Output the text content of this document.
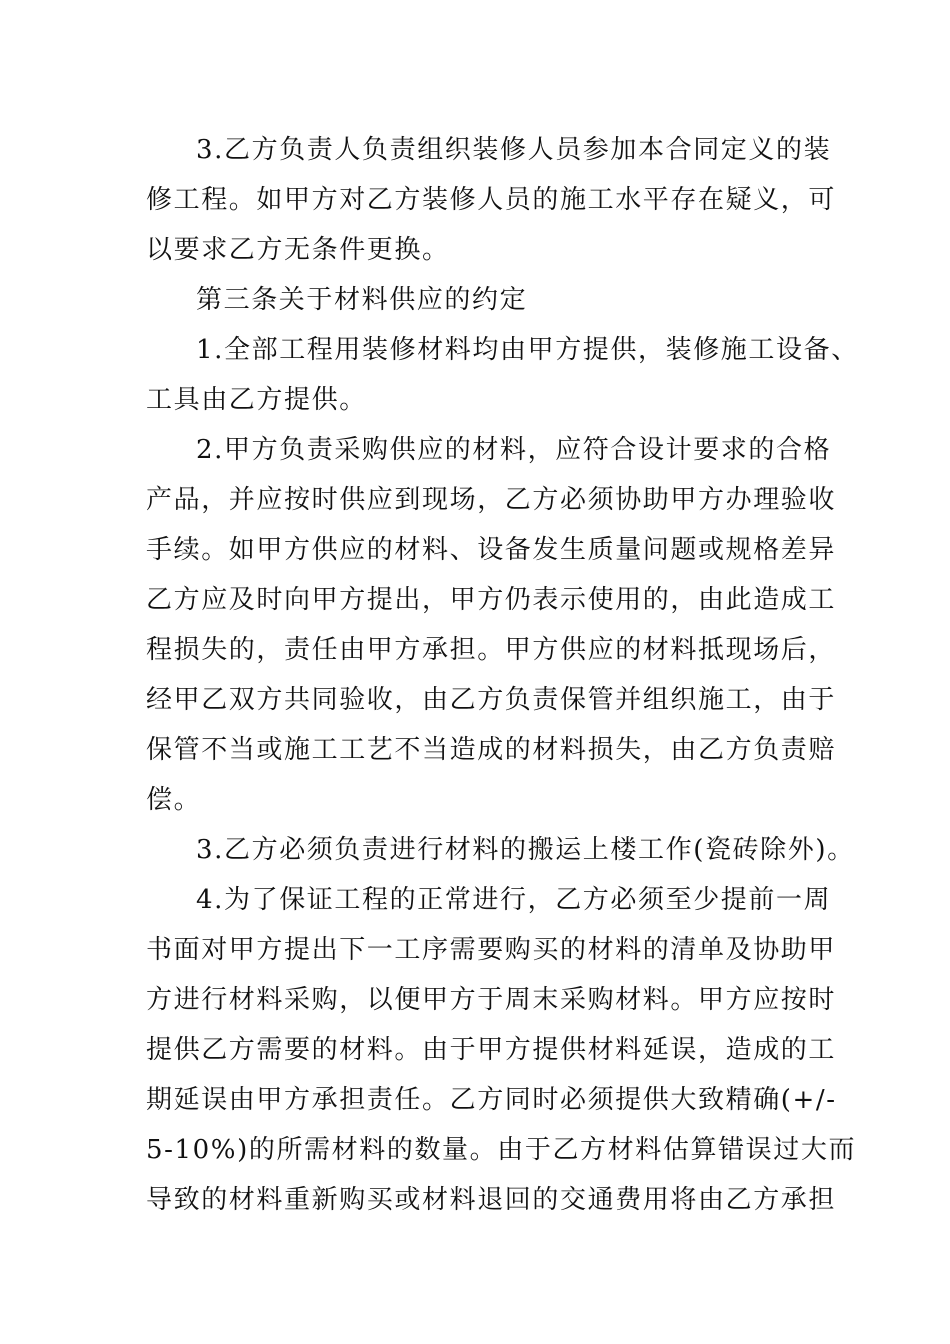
3.乙方负责人负责组织装修人员参加本合同定义的装

修工程。如甲方对乙方装修人员的施工水平存在疑义，可

以要求乙方无条件更换。

第三条关于材料供应的约定

1.全部工程用装修材料均由甲方提供，装修施工设备、

工具由乙方提供。

2.甲方负责采购供应的材料，应符合设计要求的合格

产品，并应按时供应到现场，乙方必须协助甲方办理验收

手续。如甲方供应的材料、设备发生质量问题或规格差异

乙方应及时向甲方提出，甲方仍表示使用的，由此造成工

程损失的，责任由甲方承担。甲方供应的材料抵现场后，

经甲乙双方共同验收，由乙方负责保管并组织施工，由于

保管不当或施工工艺不当造成的材料损失，由乙方负责赔

偿。

3.乙方必须负责进行材料的搬运上楼工作(瓷砖除外)。

4.为了保证工程的正常进行，乙方必须至少提前一周

书面对甲方提出下一工序需要购买的材料的清单及协助甲

方进行材料采购，以便甲方于周末采购材料。甲方应按时

提供乙方需要的材料。由于甲方提供材料延误，造成的工

期延误由甲方承担责任。乙方同时必须提供大致精确(+/-

5-10%)的所需材料的数量。由于乙方材料估算错误过大而

导致的材料重新购买或材料退回的交通费用将由乙方承担
